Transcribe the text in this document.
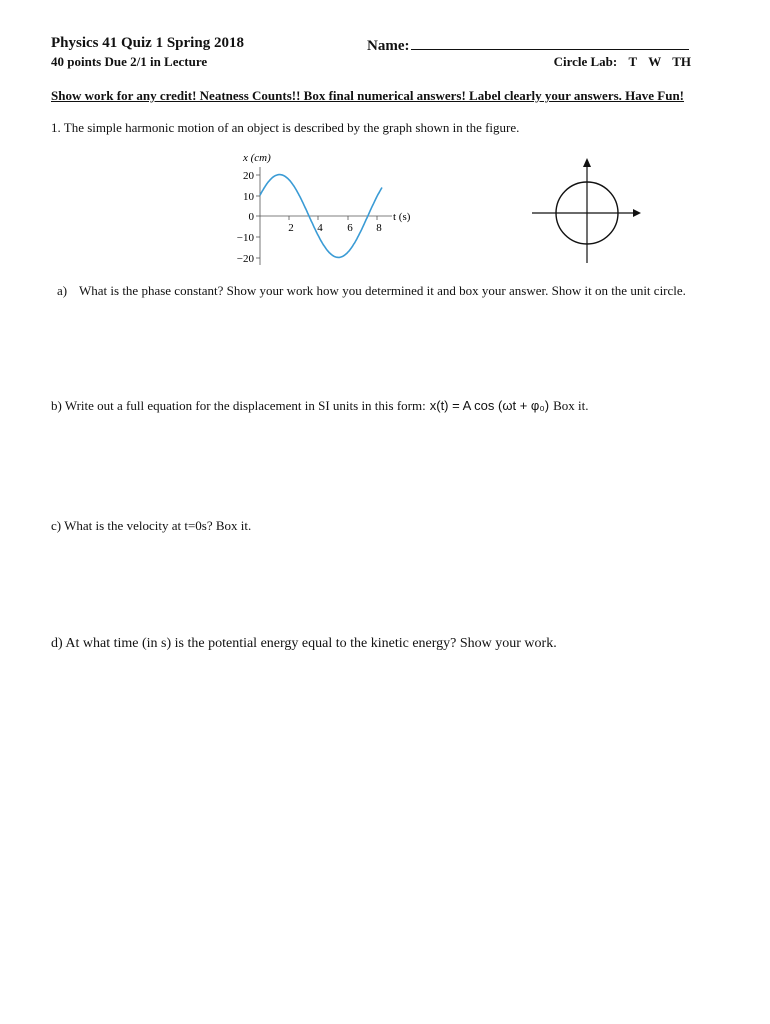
Physics 41 Quiz 1 Spring 2018	Name:
40 points Due 2/1 in Lecture	Circle Lab: T W TH
Show work for any credit! Neatness Counts!! Box final numerical answers! Label clearly your answers. Have Fun!
1. The simple harmonic motion of an object is described by the graph shown in the figure.
x (cm)
20
10
0
−10
−20
2 4 6 8
t (s)
a) What is the phase constant? Show your work how you determined it and box your answer. Show it on the unit circle.
b) Write out a full equation for the displacement in SI units in this form: x(t) = A cos (ωt + φ₀) Box it.
c) What is the velocity at t=0s? Box it.
d) At what time (in s) is the potential energy equal to the kinetic energy? Show your work.
